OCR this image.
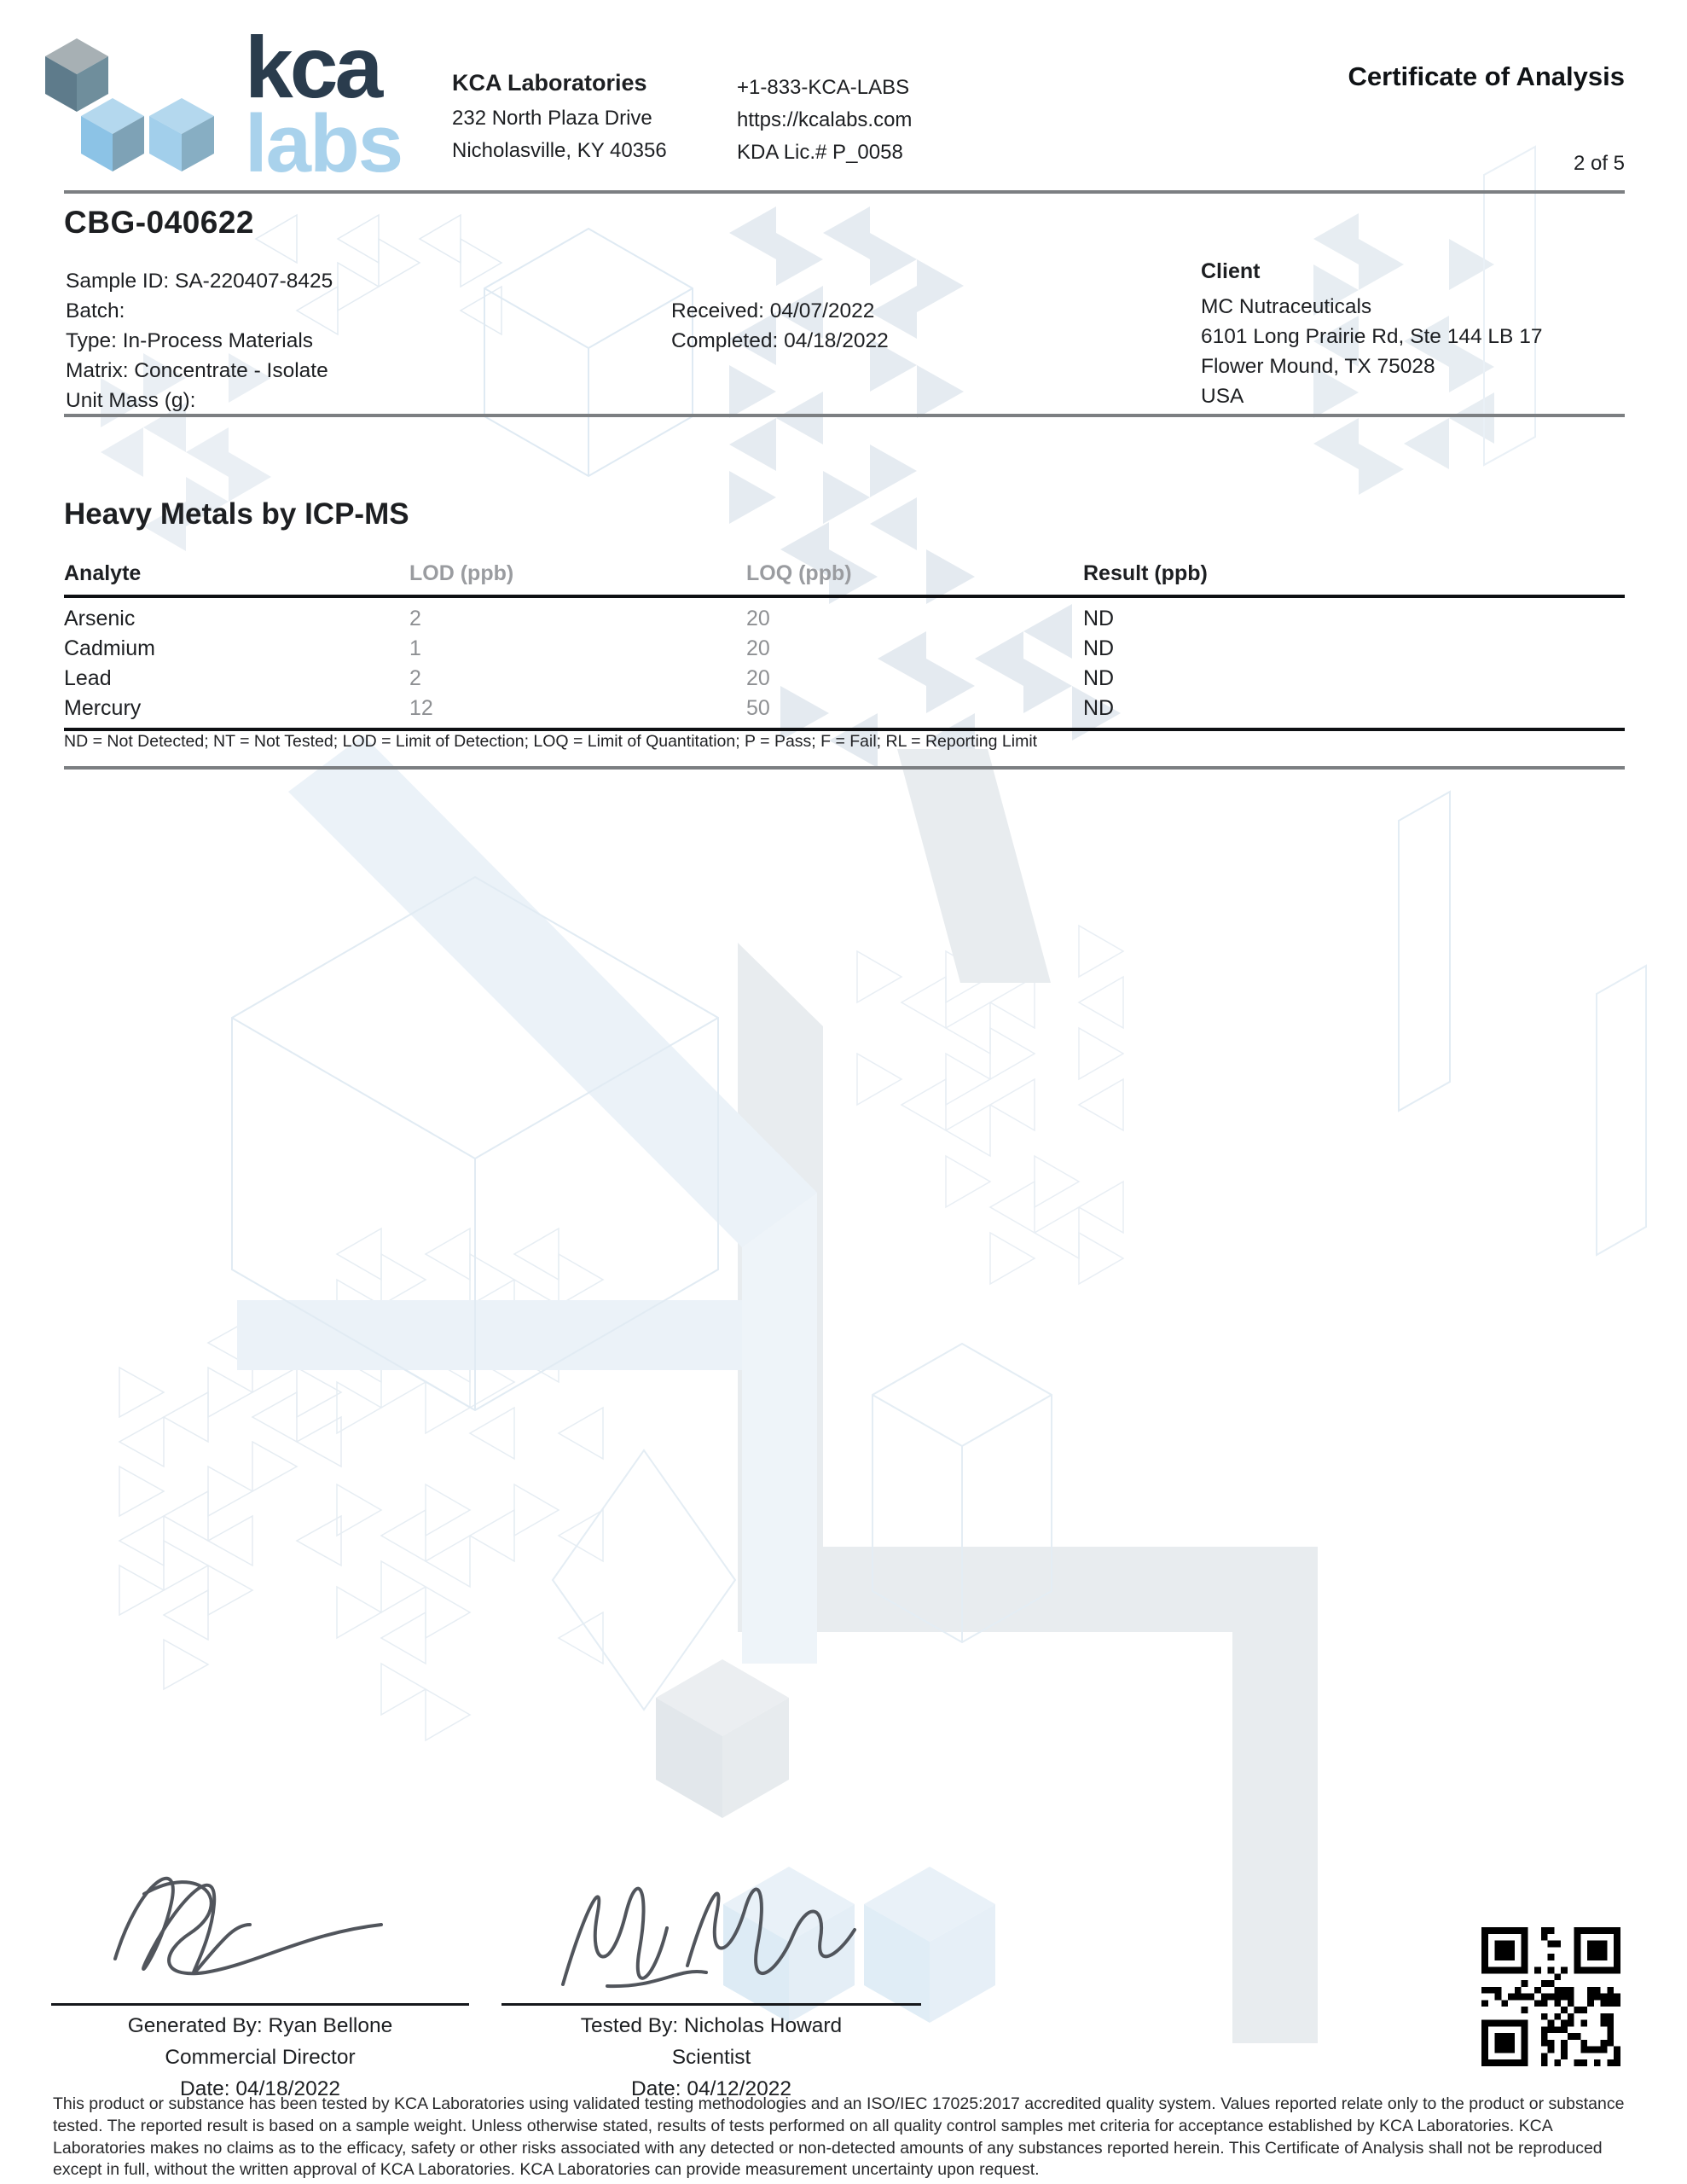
kca
labs
KCA Laboratories
232 North Plaza Drive
Nicholasville, KY 40356
+1-833-KCA-LABS
https://kcalabs.com
KDA Lic.# P_0058
Certificate of Analysis
2 of 5
CBG-040622
Sample ID: SA-220407-8425
Batch:
Type: In-Process Materials
Matrix: Concentrate - Isolate
Unit Mass (g):
Received: 04/07/2022
Completed: 04/18/2022
Client
MC Nutraceuticals
6101 Long Prairie Rd, Ste 144 LB 17
Flower Mound, TX 75028
USA
Heavy Metals by ICP-MS
Analyte	LOD (ppb)	LOQ (ppb)	Result (ppb)
Arsenic	2	20	ND
Cadmium	1	20	ND
Lead	2	20	ND
Mercury	12	50	ND
ND = Not Detected; NT = Not Tested; LOD = Limit of Detection; LOQ = Limit of Quantitation; P = Pass; F = Fail; RL = Reporting Limit
Generated By: Ryan Bellone
Commercial Director
Date: 04/18/2022
Tested By: Nicholas Howard
Scientist
Date: 04/12/2022
This product or substance has been tested by KCA Laboratories using validated testing methodologies and an ISO/IEC 17025:2017 accredited quality system. Values reported relate only to the product or substance tested. The reported result is based on a sample weight. Unless otherwise stated, results of tests performed on all quality control samples met criteria for acceptance established by KCA Laboratories. KCA Laboratories makes no claims as to the efficacy, safety or other risks associated with any detected or non-detected amounts of any substances reported herein. This Certificate of Analysis shall not be reproduced except in full, without the written approval of KCA Laboratories. KCA Laboratories can provide measurement uncertainty upon request.
